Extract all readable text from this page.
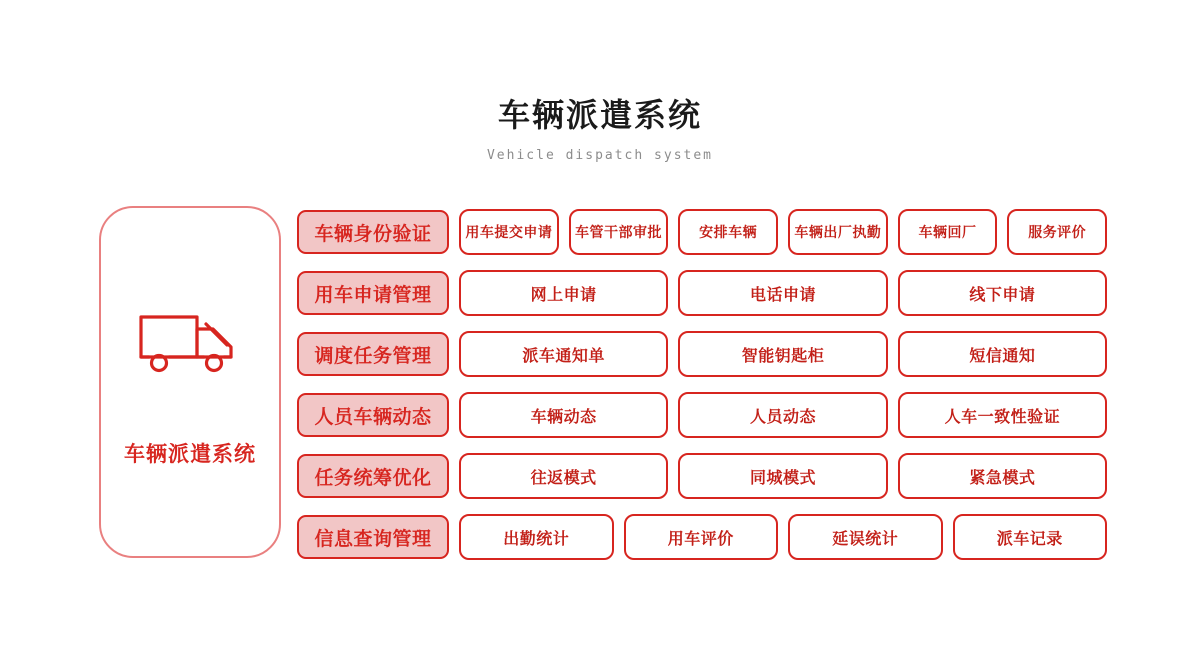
车辆派遣系统
Vehicle dispatch system
车辆派遣系统
车辆身份验证	用车提交申请	车管干部审批	安排车辆	车辆出厂执勤	车辆回厂	服务评价
用车申请管理	网上申请	电话申请	线下申请
调度任务管理	派车通知单	智能钥匙柜	短信通知
人员车辆动态	车辆动态	人员动态	人车一致性验证
任务统筹优化	往返模式	同城模式	紧急模式
信息查询管理	出勤统计	用车评价	延误统计	派车记录
